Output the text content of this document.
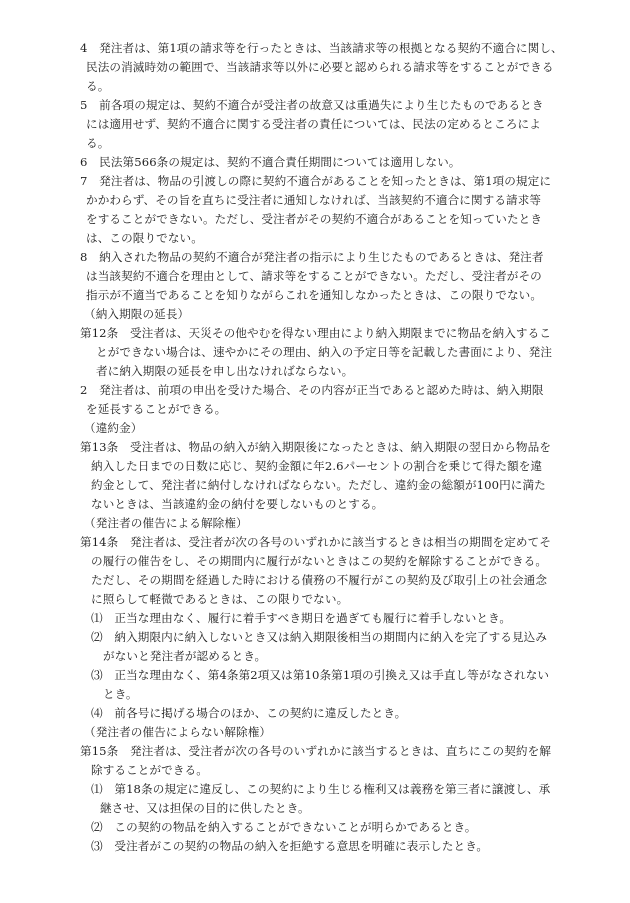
4　発注者は、第1項の請求等を行ったときは、当該請求等の根拠となる契約不適合に関し、
民法の消滅時効の範囲で、当該請求等以外に必要と認められる請求等をすることができる
る。
5　前各項の規定は、契約不適合が受注者の故意又は重過失により生じたものであるとき
には適用せず、契約不適合に関する受注者の責任については、民法の定めるところによ
る。
6　民法第566条の規定は、契約不適合責任期間については適用しない。
7　発注者は、物品の引渡しの際に契約不適合があることを知ったときは、第1項の規定に
かかわらず、その旨を直ちに受注者に通知しなければ、当該契約不適合に関する請求等
をすることができない。ただし、受注者がその契約不適合があることを知っていたとき
は、この限りでない。
8　納入された物品の契約不適合が発注者の指示により生じたものであるときは、発注者
は当該契約不適合を理由として、請求等をすることができない。ただし、受注者がその
指示が不適当であることを知りながらこれを通知しなかったときは、この限りでない。
（納入期限の延長）
第12条　受注者は、天災その他やむを得ない理由により納入期限までに物品を納入するこ
とができない場合は、速やかにその理由、納入の予定日等を記載した書面により、発注
者に納入期限の延長を申し出なければならない。
2　発注者は、前項の申出を受けた場合、その内容が正当であると認めた時は、納入期限
を延長することができる。
（違約金）
第13条　受注者は、物品の納入が納入期限後になったときは、納入期限の翌日から物品を
納入した日までの日数に応じ、契約金額に年2.6パーセントの割合を乗じて得た額を違
約金として、発注者に納付しなければならない。ただし、違約金の総額が100円に満た
ないときは、当該違約金の納付を要しないものとする。
（発注者の催告による解除権）
第14条　発注者は、受注者が次の各号のいずれかに該当するときは相当の期間を定めてそ
の履行の催告をし、その期間内に履行がないときはこの契約を解除することができる。
ただし、その期間を経過した時における債務の不履行がこの契約及び取引上の社会通念
に照らして軽微であるときは、この限りでない。
⑴　正当な理由なく、履行に着手すべき期日を過ぎても履行に着手しないとき。
⑵　納入期限内に納入しないとき又は納入期限後相当の期間内に納入を完了する見込み
がないと発注者が認めるとき。
⑶　正当な理由なく、第4条第2項又は第10条第1項の引換え又は手直し等がなされない
とき。
⑷　前各号に掲げる場合のほか、この契約に違反したとき。
（発注者の催告によらない解除権）
第15条　発注者は、受注者が次の各号のいずれかに該当するときは、直ちにこの契約を解
除することができる。
⑴　第18条の規定に違反し、この契約により生じる権利又は義務を第三者に譲渡し、承
継させ、又は担保の目的に供したとき。
⑵　この契約の物品を納入することができないことが明らかであるとき。
⑶　受注者がこの契約の物品の納入を拒絶する意思を明確に表示したとき。
